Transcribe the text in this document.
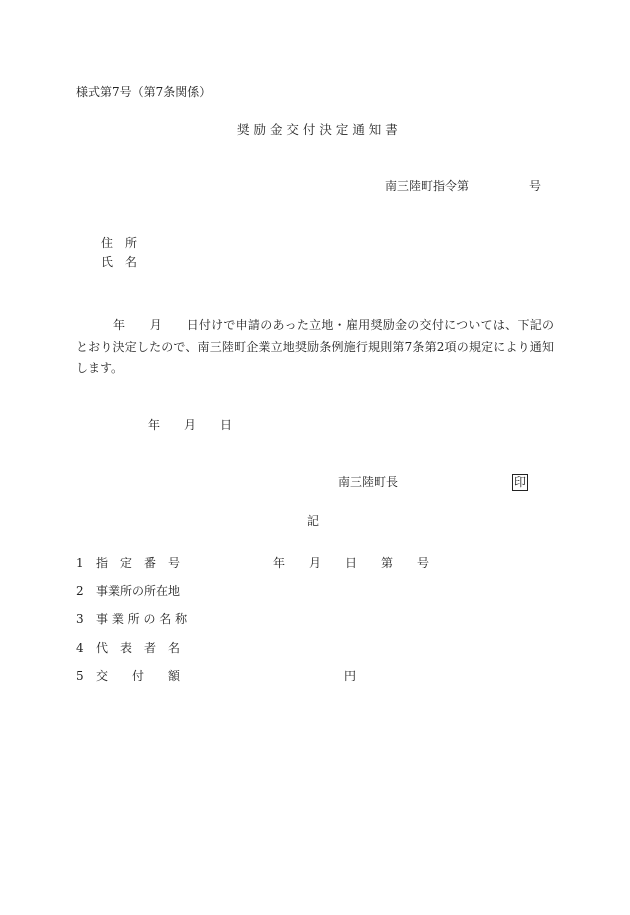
様式第7号（第7条関係）
奨 励 金 交 付 決 定 通 知 書
南三陸町指令第　　　　　号
住　所
氏　名
年　　月　　日付けで申請のあった立地・雇用奨励金の交付については、下記のとおり決定したので、南三陸町企業立地奨励条例施行規則第7条第2項の規定により通知します。
年　　月　　日
南三陸町長	印
記
1 指　定　番　号	年　　月　　日　　第　　号
2 事業所の所在地
3 事 業 所 の 名 称
4 代　表　者　名
5 交　　付　　額	円
